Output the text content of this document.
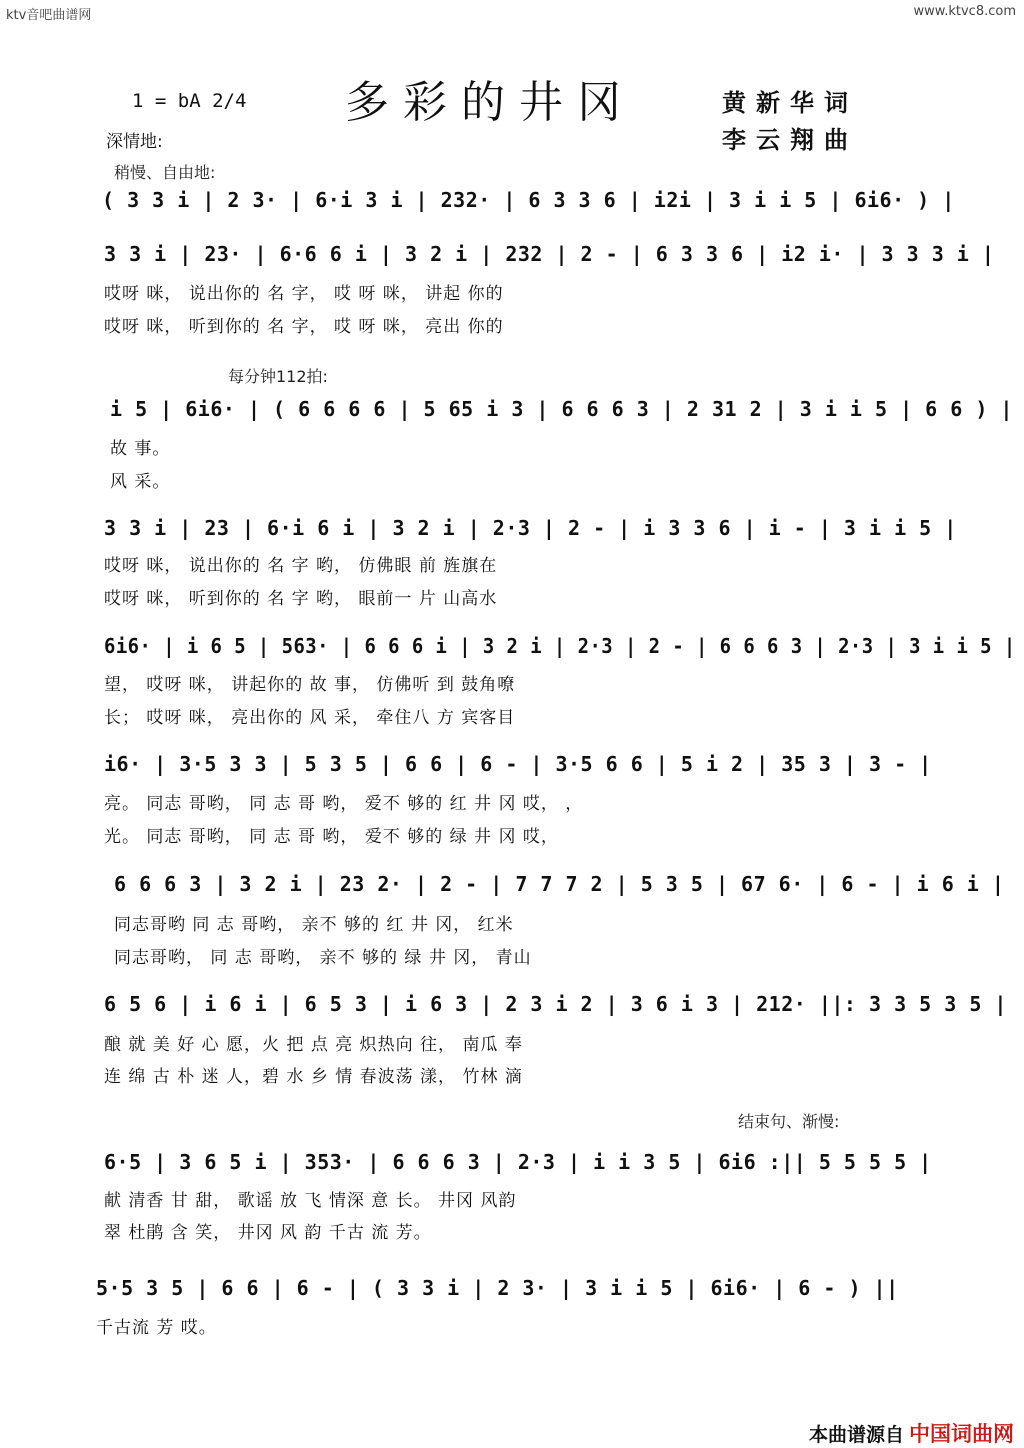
ktv音吧曲谱网	www.ktvc8.com
1 = bA 2/4 多彩的井冈	黄新华词
李云翔曲
深情地:
稍慢、自由地:
每分钟112拍:
结束句、渐慢:
( 3 3 i | 2 3· | 6·i 3 i | 232· | 6 3 3 6 | i2i | 3 i i 5 | 6i6· ) |
3 3 i | 23· | 6·6 6 i | 3 2 i | 232 | 2 - | 6 3 3 6 | i2 i· | 3 3 3 i |
哎呀 咪， 说出你的 名 字， 哎 呀 咪， 讲起 你的
哎呀 咪， 听到你的 名 字， 哎 呀 咪， 亮出 你的
i 5 | 6i6· | ( 6 6 6 6 | 5 65 i 3 | 6 6 6 3 | 2 31 2 | 3 i i 5 | 6 6 ) |
故 事。
风 采。
3 3 i | 23 | 6·i 6 i | 3 2 i | 2·3 | 2 - | i 3 3 6 | i - | 3 i i 5 |
哎呀 咪， 说出你的 名 字 哟， 仿佛眼 前 旌旗在
哎呀 咪， 听到你的 名 字 哟， 眼前一 片 山高水
6i6· | i 6 5 | 563· | 6 6 6 i | 3 2 i | 2·3 | 2 - | 6 6 6 3 | 2·3 | 3 i i 5 |
望， 哎呀 咪， 讲起你的 故 事， 仿佛听 到 鼓角嘹
长； 哎呀 咪， 亮出你的 风 采， 牵住八 方 宾客目
i6· | 3·5 3 3 | 5 3 5 | 6 6 | 6 - | 3·5 6 6 | 5 i 2 | 35 3 | 3 - |
亮。 同志 哥哟， 同 志 哥 哟， 爱不 够的 红 井 冈 哎， ，
光。 同志 哥哟， 同 志 哥 哟， 爱不 够的 绿 井 冈 哎，
6 6 6 3 | 3 2 i | 23 2· | 2 - | 7 7 7 2 | 5 3 5 | 67 6· | 6 - | i 6 i |
同志哥哟 同 志 哥哟， 亲不 够的 红 井 冈， 红米
同志哥哟， 同 志 哥哟， 亲不 够的 绿 井 冈， 青山
6 5 6 | i 6 i | 6 5 3 | i 6 3 | 2 3 i 2 | 3 6 i 3 | 212· ||: 3 3 5 3 5 |
酿 就 美 好 心 愿，火 把 点 亮 炽热向 往， 南瓜 奉
连 绵 古 朴 迷 人，碧 水 乡 情 春波荡 漾， 竹林 滴
6·5 | 3 6 5 i | 353· | 6 6 6 3 | 2·3 | i i 3 5 | 6i6 :|| 5 5 5 5 |
献 清香 甘 甜， 歌谣 放 飞 情深 意 长。 井冈 风韵
翠 杜鹃 含 笑， 井冈 风 韵 千古 流 芳。
5·5 3 5 | 6 6 | 6 - | ( 3 3 i | 2 3· | 3 i i 5 | 6i6· | 6 - ) ||
千古流 芳 哎。
本曲谱源自 中国词曲网
